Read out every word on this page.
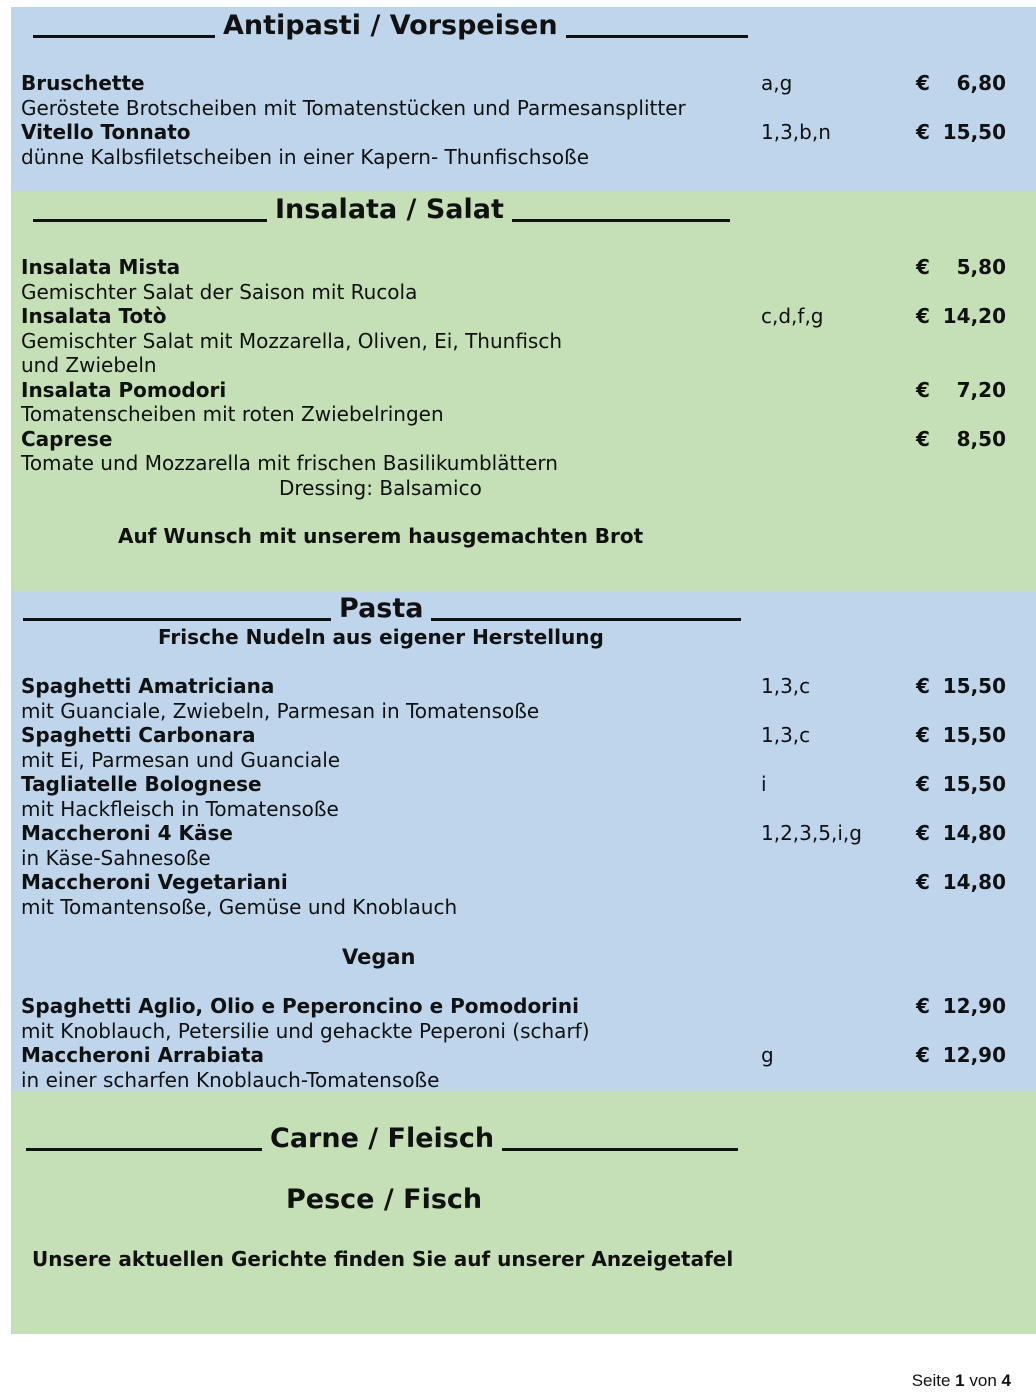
Antipasti / Vorspeisen
Bruschette	a,g	€ 6,80
Geröstete Brotscheiben mit Tomatenstücken und Parmesansplitter
Vitello Tonnato	1,3,b,n	€ 15,50
dünne Kalbsfiletscheiben in einer Kapern- Thunfischsoße
Insalata / Salat
Dressing: Balsamico
Auf Wunsch mit unserem hausgemachten Brot
Insalata Mista	€ 5,80
Gemischter Salat der Saison mit Rucola
Insalata Totò	c,d,f,g	€ 14,20
Gemischter Salat mit Mozzarella, Oliven, Ei, Thunfisch
und Zwiebeln
Insalata Pomodori	€ 7,20
Tomatenscheiben mit roten Zwiebelringen
Caprese	€ 8,50
Tomate und Mozzarella mit frischen Basilikumblättern
Pasta
Frische Nudeln aus eigener Herstellung
Vegan
Spaghetti Amatriciana	1,3,c	€ 15,50
mit Guanciale, Zwiebeln, Parmesan in Tomatensoße
Spaghetti Carbonara	1,3,c	€ 15,50
mit Ei, Parmesan und Guanciale
Tagliatelle Bolognese	i	€ 15,50
mit Hackfleisch in Tomatensoße
Maccheroni 4 Käse	1,2,3,5,i,g	€ 14,80
in Käse-Sahnesoße
Maccheroni Vegetariani	€ 14,80
mit Tomantensoße, Gemüse und Knoblauch
Spaghetti Aglio, Olio e Peperoncino e Pomodorini	€ 12,90
mit Knoblauch, Petersilie und gehackte Peperoni (scharf)
Maccheroni Arrabiata	g	€ 12,90
in einer scharfen Knoblauch-Tomatensoße
Carne / Fleisch
Pesce / Fisch
Unsere aktuellen Gerichte finden Sie auf unserer Anzeigetafel
Seite 1 von 4
